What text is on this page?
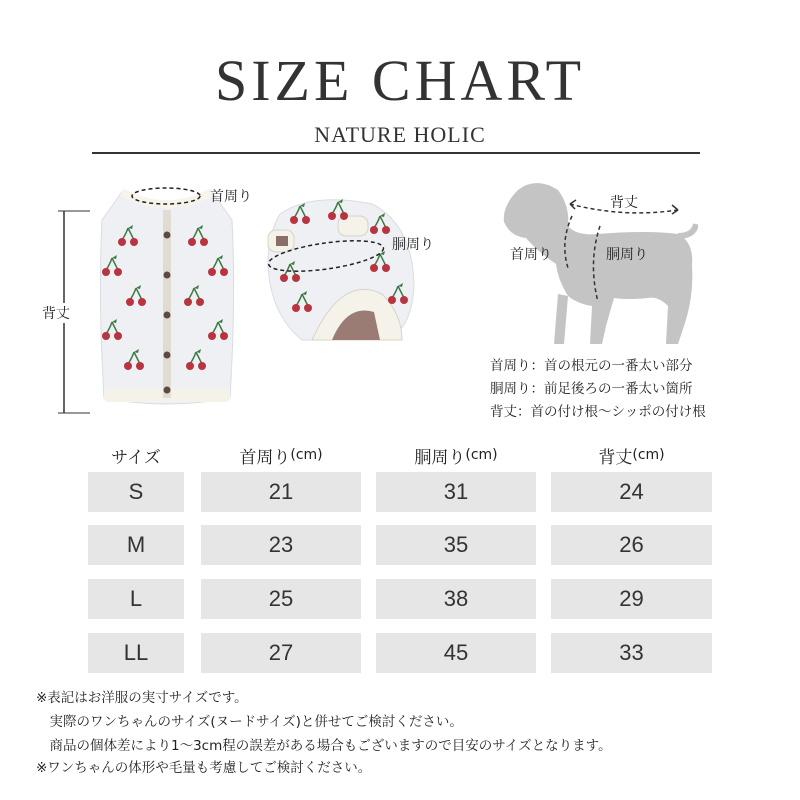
SIZE CHART
NATURE HOLIC
首周り
背丈
胴周り
背丈
首周り	胴周り
首周り：首の根元の一番太い部分
胴周り：前足後ろの一番太い箇所
背丈：首の付け根〜シッポの付け根
サイズ	首周り (cm)	胴周り (cm)	背丈 (cm)
S	21	31	24
M	23	35	26
L	25	38	29
LL	27	45	33
※表記はお洋服の実寸サイズです。
　実際のワンちゃんのサイズ(ヌードサイズ)と併せてご検討ください。
　商品の個体差により1〜3cm程の誤差がある場合もございますので目安のサイズとなります。
※ワンちゃんの体形や毛量も考慮してご検討ください。
